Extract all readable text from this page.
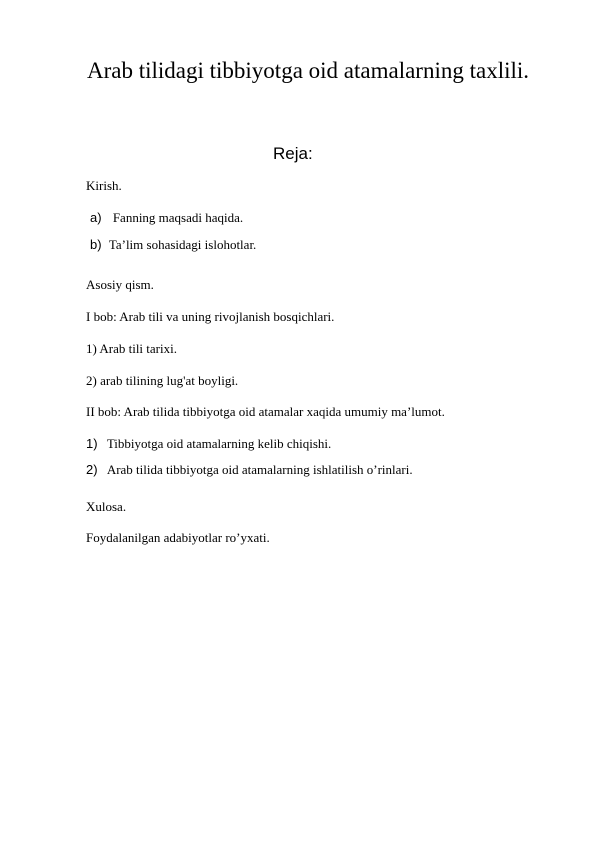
Arab tilidagi tibbiyotga oid atamalarning taxlili.
Reja:
Kirish.
a) Fanning maqsadi haqida.
b) Ta’lim sohasidagi islohotlar.
Asosiy qism.
I bob: Arab tili va uning rivojlanish bosqichlari.
1) Arab tili tarixi.
2) arab tilining lug'at boyligi.
II bob: Arab tilida tibbiyotga oid atamalar xaqida umumiy ma’lumot.
1) Tibbiyotga oid atamalarning kelib chiqishi.
2) Arab tilida tibbiyotga oid atamalarning ishlatilish o’rinlari.
Xulosa.
Foydalanilgan adabiyotlar ro’yxati.
